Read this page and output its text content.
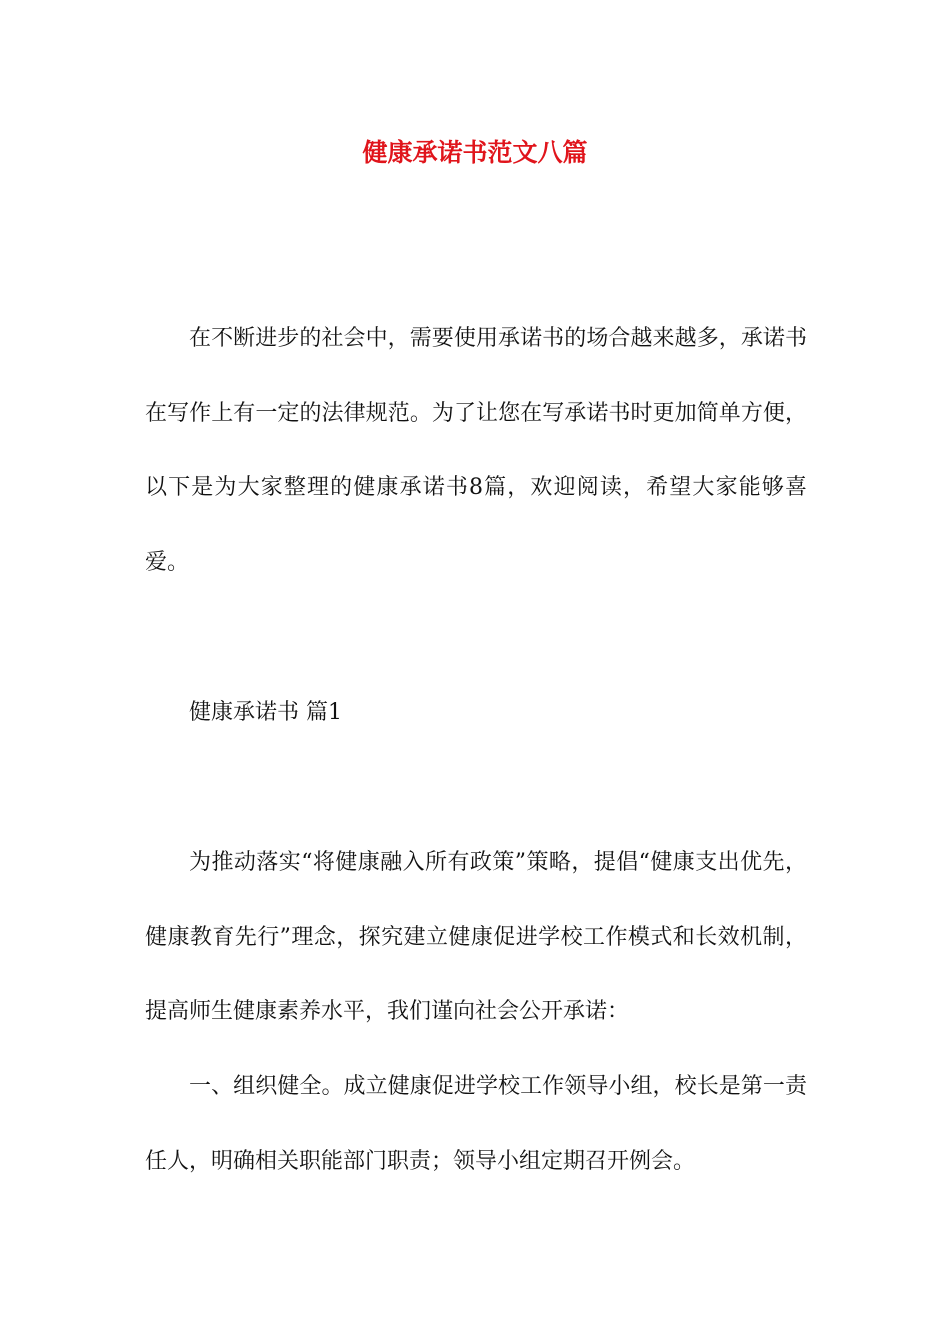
健康承诺书范文八篇

在不断进步的社会中，需要使用承诺书的场合越来越多，承诺书在写作上有一定的法律规范。为了让您在写承诺书时更加简单方便，以下是为大家整理的健康承诺书8篇，欢迎阅读，希望大家能够喜爱。

健康承诺书 篇1

为推动落实“将健康融入所有政策”策略，提倡“健康支出优先，健康教育先行”理念，探究建立健康促进学校工作模式和长效机制，提高师生健康素养水平，我们谨向社会公开承诺：

一、组织健全。成立健康促进学校工作领导小组，校长是第一责任人，明确相关职能部门职责；领导小组定期召开例会。
